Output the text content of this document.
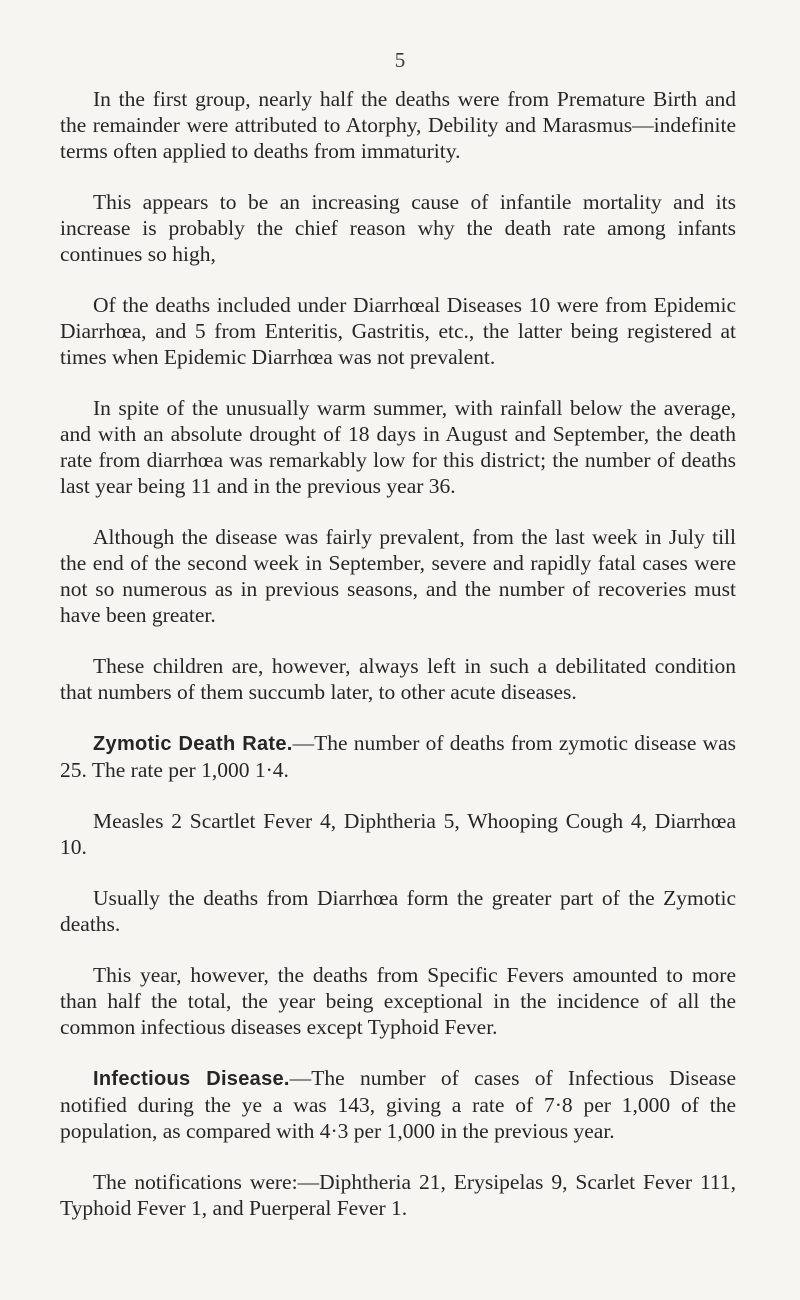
5

In the first group, nearly half the deaths were from Premature Birth and the remainder were attributed to Atorphy, Debility and Marasmus—indefinite terms often applied to deaths from immaturity.

This appears to be an increasing cause of infantile mortality and its increase is probably the chief reason why the death rate among infants continues so high,

Of the deaths included under Diarrhœal Diseases 10 were from Epidemic Diarrhœa, and 5 from Enteritis, Gastritis, etc., the latter being registered at times when Epidemic Diarrhœa was not prevalent.

In spite of the unusually warm summer, with rainfall below the average, and with an absolute drought of 18 days in August and September, the death rate from diarrhœa was remarkably low for this district; the number of deaths last year being 11 and in the previous year 36.

Although the disease was fairly prevalent, from the last week in July till the end of the second week in September, severe and rapidly fatal cases were not so numerous as in previous seasons, and the number of recoveries must have been greater.

These children are, however, always left in such a debilitated condition that numbers of them succumb later, to other acute diseases.

Zymotic Death Rate.—The number of deaths from zymotic disease was 25. The rate per 1,000 1·4.

Measles 2 Scartlet Fever 4, Diphtheria 5, Whooping Cough 4, Diarrhœa 10.

Usually the deaths from Diarrhœa form the greater part of the Zymotic deaths.

This year, however, the deaths from Specific Fevers amounted to more than half the total, the year being exceptional in the incidence of all the common infectious diseases except Typhoid Fever.

Infectious Disease.—The number of cases of Infectious Disease notified during the ye a was 143, giving a rate of 7·8 per 1,000 of the population, as compared with 4·3 per 1,000 in the previous year.

The notifications were:—Diphtheria 21, Erysipelas 9, Scarlet Fever 111, Typhoid Fever 1, and Puerperal Fever 1.
